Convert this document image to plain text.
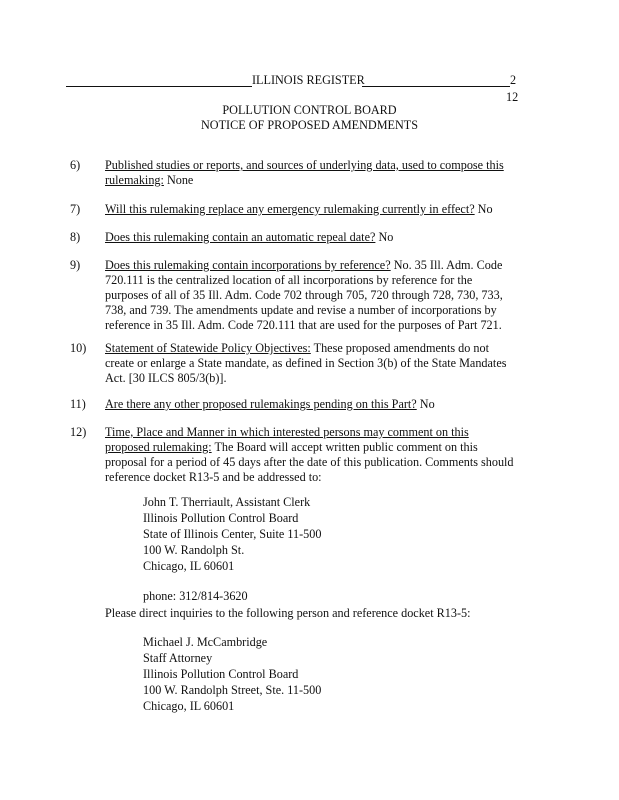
ILLINOIS REGISTER	2
12
POLLUTION CONTROL BOARD
NOTICE OF PROPOSED AMENDMENTS
6) Published studies or reports, and sources of underlying data, used to compose this rulemaking: None
7) Will this rulemaking replace any emergency rulemaking currently in effect? No
8) Does this rulemaking contain an automatic repeal date? No
9) Does this rulemaking contain incorporations by reference? No. 35 Ill. Adm. Code 720.111 is the centralized location of all incorporations by reference for the purposes of all of 35 Ill. Adm. Code 702 through 705, 720 through 728, 730, 733, 738, and 739. The amendments update and revise a number of incorporations by reference in 35 Ill. Adm. Code 720.111 that are used for the purposes of Part 721.
10) Statement of Statewide Policy Objectives: These proposed amendments do not create or enlarge a State mandate, as defined in Section 3(b) of the State Mandates Act. [30 ILCS 805/3(b)].
11) Are there any other proposed rulemakings pending on this Part? No
12) Time, Place and Manner in which interested persons may comment on this proposed rulemaking: The Board will accept written public comment on this proposal for a period of 45 days after the date of this publication. Comments should reference docket R13-5 and be addressed to:
John T. Therriault, Assistant Clerk
Illinois Pollution Control Board
State of Illinois Center, Suite 11-500
100 W. Randolph St.
Chicago, IL 60601
phone: 312/814-3620
Please direct inquiries to the following person and reference docket R13-5:
Michael J. McCambridge
Staff Attorney
Illinois Pollution Control Board
100 W. Randolph Street, Ste. 11-500
Chicago, IL 60601
